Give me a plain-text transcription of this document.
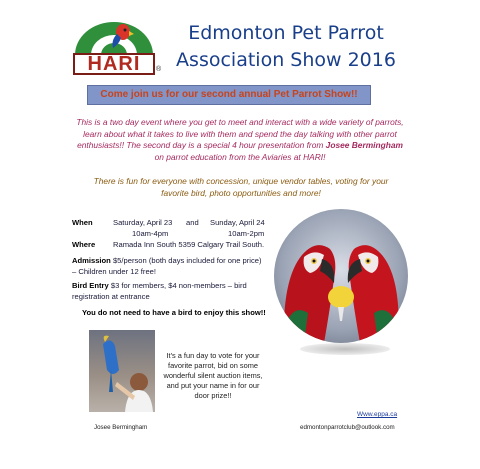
HARI	®
Edmonton Pet Parrot
Association Show 2016
Come join us for our second annual Pet Parrot Show!!
This is a two day event where you get to meet and interact with a wide variety of parrots, learn about what it takes to live with them and spend the day talking with other parrot enthusiasts!! The second day is a special 4 hour presentation from Josee Bermingham on parrot education from the Aviaries at HARI!
There is fun for everyone with concession, unique vendor tables, voting for your favorite bird, photo opportunities and more!
When	Saturday, April 23
10am-4pm
and Sunday, April 24
10am-2pm
Where Ramada Inn South 5359 Calgary Trail South.
Admission $5/person (both days included for one price)
– Children under 12 free!
Bird Entry $3 for members, $4 non-members – bird
registration at entrance
You do not need to have a bird to enjoy this show!!
It's a fun day to vote for your favorite parrot, bid on some wonderful silent auction items, and put your name in for our door prize!!
Josee Bermingham
Www.eppa.ca
edmontonparrotclub@outlook.com
